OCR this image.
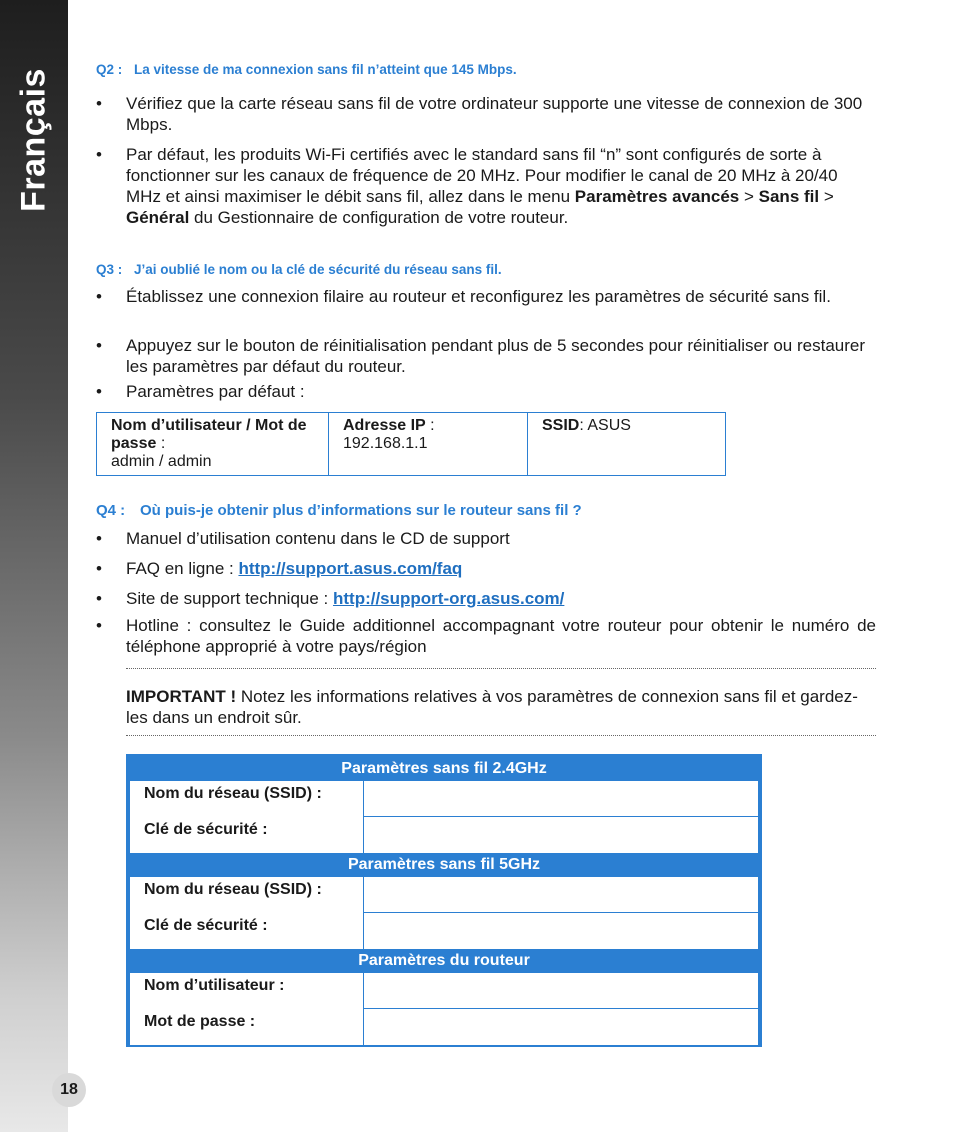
Français
18
Q2 : La vitesse de ma connexion sans fil n’atteint que 145 Mbps.
• Vérifiez que la carte réseau sans fil de votre ordinateur supporte une vitesse de connexion de 300 Mbps.
• Par défaut, les produits Wi-Fi certifiés avec le standard sans fil “n” sont configurés de sorte à fonctionner sur les canaux de fréquence de 20 MHz. Pour modifier le canal de 20 MHz à 20/40 MHz et ainsi maximiser le débit sans fil, allez dans le menu Paramètres avancés > Sans fil > Général du Gestionnaire de configuration de votre routeur.
Q3 : J’ai oublié le nom ou la clé de sécurité du réseau sans fil.
• Établissez une connexion filaire au routeur et reconfigurez les paramètres de sécurité sans fil.
• Appuyez sur le bouton de réinitialisation pendant plus de 5 secondes pour réinitialiser ou restaurer les paramètres par défaut du routeur.
• Paramètres par défaut :
Nom d’utilisateur / Mot de passe :
admin / admin
Adresse IP :
192.168.1.1
SSID: ASUS
Q4 : Où puis-je obtenir plus d’informations sur le routeur sans fil ?
• Manuel d’utilisation contenu dans le CD de support
• FAQ en ligne : http://support.asus.com/faq
• Site de support technique : http://support-org.asus.com/
• Hotline : consultez le Guide additionnel accompagnant votre routeur pour obtenir le numéro de téléphone approprié à votre pays/région
IMPORTANT ! Notez les informations relatives à vos paramètres de connexion sans fil et gardez-les dans un endroit sûr.
Paramètres sans fil 2.4GHz
Nom du réseau (SSID) :
Clé de sécurité :
Paramètres sans fil 5GHz
Nom du réseau (SSID) :
Clé de sécurité :
Paramètres du routeur
Nom d’utilisateur :
Mot de passe :
